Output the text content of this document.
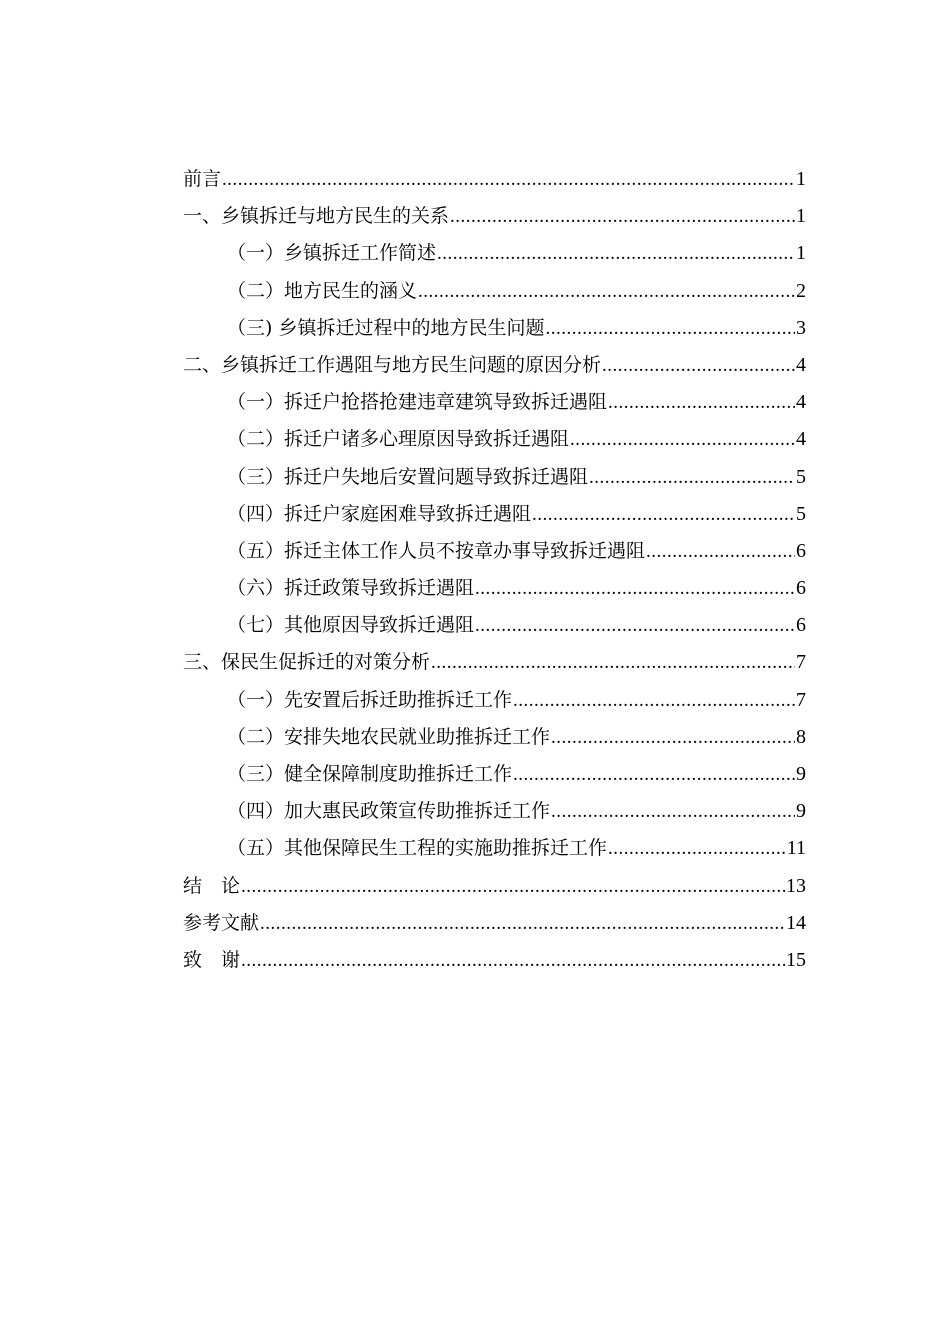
前言 .....	1
一、乡镇拆迁与地方民生的关系 .....	1
（一）乡镇拆迁工作简述 .....	1
（二）地方民生的涵义 .....	2
（三) 乡镇拆迁过程中的地方民生问题 .....	3
二、乡镇拆迁工作遇阻与地方民生问题的原因分析 .....	4
（一）拆迁户抢搭抢建违章建筑导致拆迁遇阻 .....	4
（二）拆迁户诸多心理原因导致拆迁遇阻 .....	4
（三）拆迁户失地后安置问题导致拆迁遇阻 .....	5
（四）拆迁户家庭困难导致拆迁遇阻 .....	5
（五）拆迁主体工作人员不按章办事导致拆迁遇阻 .....	6
（六）拆迁政策导致拆迁遇阻 .....	6
（七）其他原因导致拆迁遇阻 .....	6
三、保民生促拆迁的对策分析 .....	7
（一）先安置后拆迁助推拆迁工作 .....	7
（二）安排失地农民就业助推拆迁工作 .....	8
（三）健全保障制度助推拆迁工作 .....	9
（四）加大惠民政策宣传助推拆迁工作 .....	9
（五）其他保障民生工程的实施助推拆迁工作 .....	11
结　论 .....	13
参考文献 .....	14
致　谢 .....	15
